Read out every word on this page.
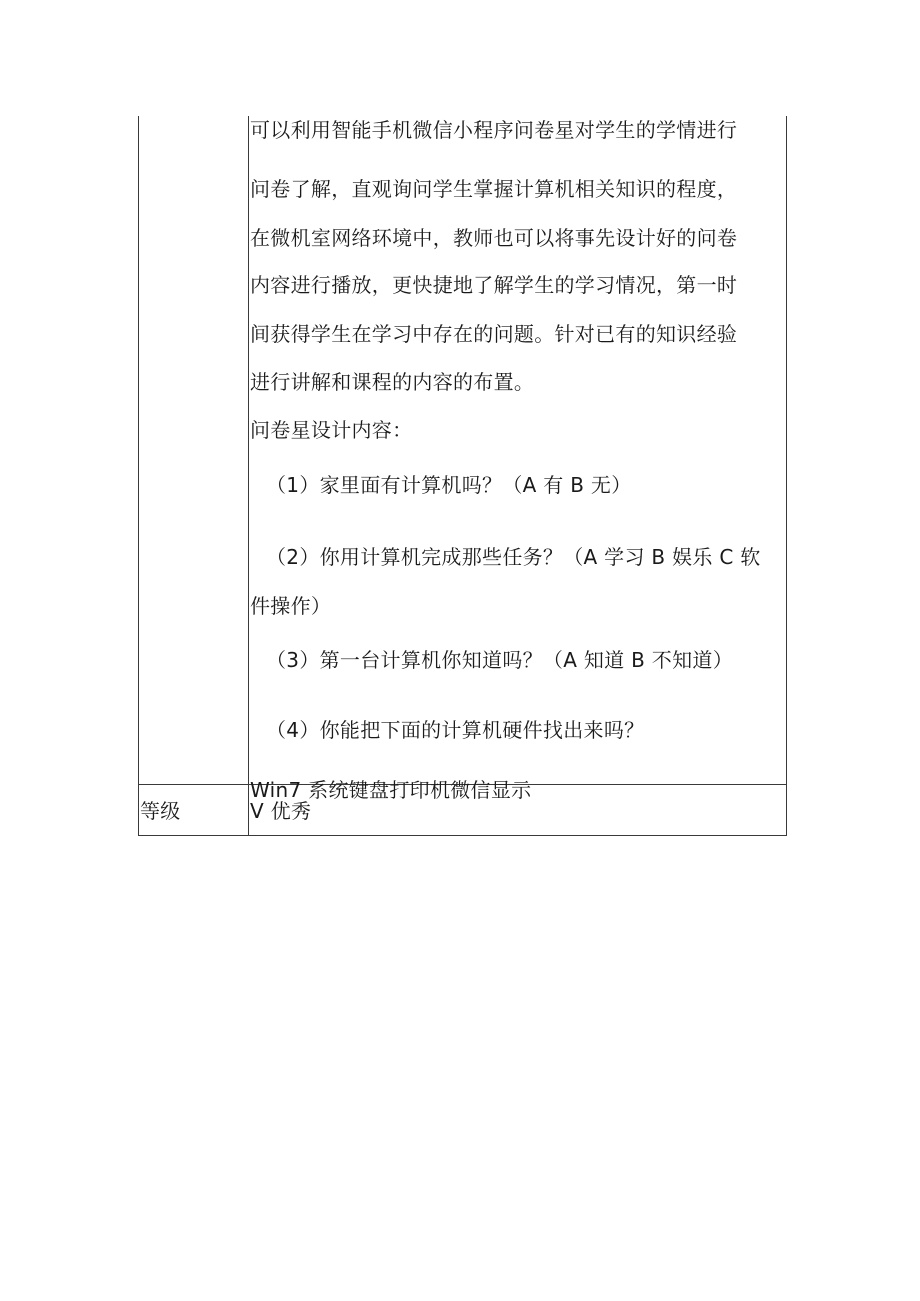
可以利用智能手机微信小程序问卷星对学生的学情进行
问卷了解，直观询问学生掌握计算机相关知识的程度，
在微机室网络环境中，教师也可以将事先设计好的问卷
内容进行播放，更快捷地了解学生的学习情况，第一时
间获得学生在学习中存在的问题。针对已有的知识经验
进行讲解和课程的内容的布置。
问卷星设计内容：
（1）家里面有计算机吗？（A 有 B 无）
（2）你用计算机完成那些任务？（A 学习 B 娱乐 C 软
件操作）
（3）第一台计算机你知道吗？（A 知道 B 不知道）
（4）你能把下面的计算机硬件找出来吗？
Win7 系统键盘打印机微信显示
等级	V 优秀
